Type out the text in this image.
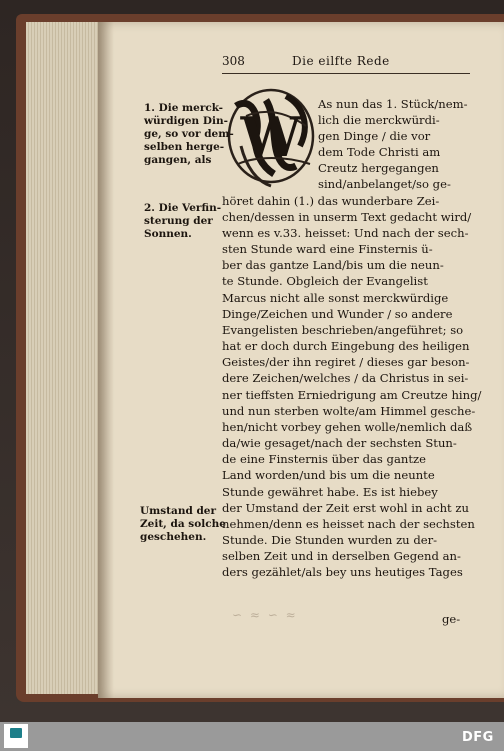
308	Die eilfte Rede
W
As nun das 1. Stück/nem-
lich die merckwürdi-
gen Dinge / die vor
dem Tode Christi am
Creutz hergegangen
sind/anbelanget/so ge-
höret dahin (1.) das wunderbare Zei-
chen/dessen in unserm Text gedacht wird/
wenn es v.33. heisset: Und nach der sech-
sten Stunde ward eine Finsternis ü-
ber das gantze Land/bis um die neun-
te Stunde. Obgleich der Evangelist
Marcus nicht alle sonst merckwürdige
Dinge/Zeichen und Wunder / so andere
Evangelisten beschrieben/angeführet; so
hat er doch durch Eingebung des heiligen
Geistes/der ihn regiret / dieses gar beson-
dere Zeichen/welches / da Christus in sei-
ner tieffsten Erniedrigung am Creutze hing/
und nun sterben wolte/am Himmel gesche-
hen/nicht vorbey gehen wolle/nemlich daß
da/wie gesaget/nach der sechsten Stun-
de eine Finsternis über das gantze
Land worden/und bis um die neunte
Stunde gewähret habe. Es ist hiebey
der Umstand der Zeit erst wohl in acht zu
nehmen/denn es heisset nach der sechsten
Stunde. Die Stunden wurden zu der-
selben Zeit und in derselben Gegend an-
ders gezählet/als bey uns heutiges Tages
1. Die merck-
würdigen Din-
ge, so vor dem-
selben herge-
gangen, als
2. Die Verfin-
sterung der
Sonnen.
Umstand der
Zeit, da solche
geschehen.
∽ ≈ ∽ ≈	ge-
DFG
